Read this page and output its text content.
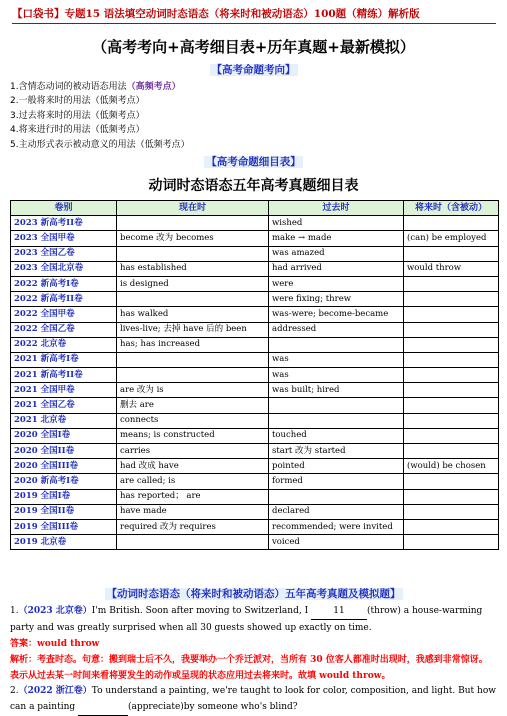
【口袋书】专题15 语法填空动词时态语态（将来时和被动语态）100题（精练）解析版
（高考考向+高考细目表+历年真题+最新模拟）
【高考命题考向】
1.含情态动词的被动语态用法（高频考点）
2.一般将来时的用法（低频考点）
3.过去将来时的用法（低频考点）
4.将来进行时的用法（低频考点）
5.主动形式表示被动意义的用法（低频考点）
【高考命题细目表】
动词时态语态五年高考真题细目表
卷别	现在时	过去时	将来时（含被动）
2023 新高考II卷		wished	
2023 全国甲卷	become 改为 becomes	make → made	(can) be employed
2023 全国乙卷		was amazed	
2023 全国北京卷	has established	had arrived	would throw
2022 新高考I卷	is designed	were	
2022 新高考II卷		were fixing; threw	
2022 全国甲卷	has walked	was-were; become-became	
2022 全国乙卷	lives-live; 去掉 have 后的 been	addressed	
2022 北京卷	has; has increased		
2021 新高考I卷		was	
2021 新高考II卷		was	
2021 全国甲卷	are 改为 is	was built; hired	
2021 全国乙卷	删去 are		
2021 北京卷	connects		
2020 全国I卷	means; is constructed	touched	
2020 全国II卷	carries	start 改为 started	
2020 全国III卷	had 改成 have	pointed	(would) be chosen
2020 新高考I卷	are called; is	formed	
2019 全国I卷	has reported； are		
2019 全国II卷	have made	declared	
2019 全国III卷	required 改为 requires	recommended; were invited	
2019 北京卷		voiced	
【动词时态语态（将来时和被动语态）五年高考真题及模拟题】
1.（2023 北京卷）I'm British. Soon after moving to Switzerland, I	11 (throw) a house-warming party and was greatly surprised when all 30 guests showed up exactly on time.
答案：would throw
解析：考查时态。句意：搬到瑞士后不久，我要举办一个乔迁派对，当所有 30 位客人都准时出现时，我感到非常惊讶。表示从过去某一时间来看将要发生的动作或呈现的状态应用过去将来时。故填 would throw。
2.（2022 浙江卷）To understand a painting, we're taught to look for color, composition, and light. But how can a painting	(appreciate)by someone who's blind?
